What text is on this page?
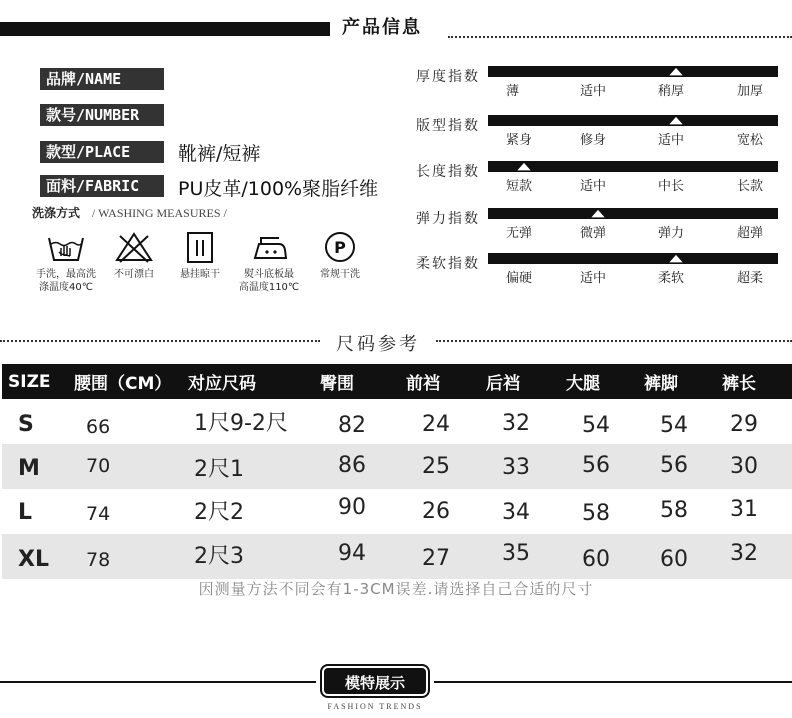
产品信息
品牌/NAME
款号/NUMBER
款型/PLACE	靴裤/短裤
面料/FABRIC	PU皮革/100%聚脂纤维
洗涤方式 / WASHING MEASURES /
手洗，最高洗
涤温度40℃
不可漂白	悬挂晾干	熨斗底板最
高温度110℃
P
常规干洗
厚度指数
薄	适中	稍厚	加厚
版型指数
紧身	修身	适中	宽松
长度指数
短款	适中	中长	长款
弹力指数
无弹	微弹	弹力	超弹
柔软指数
偏硬	适中	柔软	超柔
尺码参考
SIZE	腰围（CM）	对应尺码	臀围	前裆	后裆	大腿	裤脚	裤长
S	66	1尺9-2尺	82	24	32	54	54	29
M	70	2尺1	86	25	33	56	56	30
L	74	2尺2	90	26	34	58	58	31
XL	78	2尺3	94	27	35	60	60	32
因测量方法不同会有1-3CM误差.请选择自己合适的尺寸
模特展示
FASHION TRENDS
